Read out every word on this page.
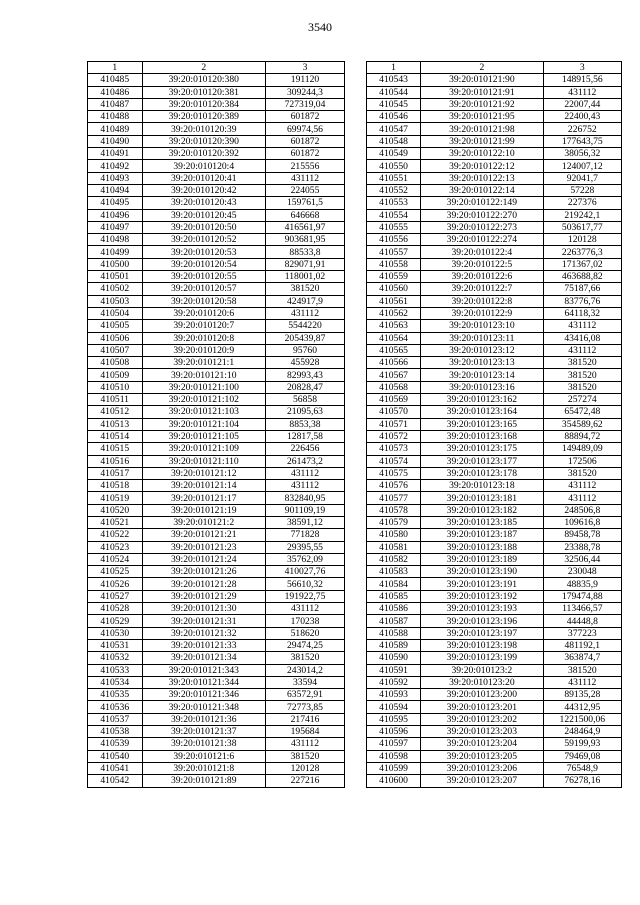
3540
1	2	3
410485	39:20:010120:380	191120
410486	39:20:010120:381	309244,3
410487	39:20:010120:384	727319,04
410488	39:20:010120:389	601872
410489	39:20:010120:39	69974,56
410490	39:20:010120:390	601872
410491	39:20:010120:392	601872
410492	39:20:010120:4	215556
410493	39:20:010120:41	431112
410494	39:20:010120:42	224055
410495	39:20:010120:43	159761,5
410496	39:20:010120:45	646668
410497	39:20:010120:50	416561,97
410498	39:20:010120:52	903681,95
410499	39:20:010120:53	88533,8
410500	39:20:010120:54	829071,91
410501	39:20:010120:55	118001,02
410502	39:20:010120:57	381520
410503	39:20:010120:58	424917,9
410504	39:20:010120:6	431112
410505	39:20:010120:7	5544220
410506	39:20:010120:8	205439,87
410507	39:20:010120:9	95760
410508	39:20:010121:1	455928
410509	39:20:010121:10	82993,43
410510	39:20:010121:100	20828,47
410511	39:20:010121:102	56858
410512	39:20:010121:103	21095,63
410513	39:20:010121:104	8853,38
410514	39:20:010121:105	12817,58
410515	39:20:010121:109	226456
410516	39:20:010121:110	261473,2
410517	39:20:010121:12	431112
410518	39:20:010121:14	431112
410519	39:20:010121:17	832840,95
410520	39:20:010121:19	901109,19
410521	39:20:010121:2	38591,12
410522	39:20:010121:21	771828
410523	39:20:010121:23	29395,55
410524	39:20:010121:24	35762,09
410525	39:20:010121:26	410027,76
410526	39:20:010121:28	56610,32
410527	39:20:010121:29	191922,75
410528	39:20:010121:30	431112
410529	39:20:010121:31	170238
410530	39:20:010121:32	518620
410531	39:20:010121:33	29474,25
410532	39:20:010121:34	381520
410533	39:20:010121:343	243014,2
410534	39:20:010121:344	33594
410535	39:20:010121:346	63572,91
410536	39:20:010121:348	72773,85
410537	39:20:010121:36	217416
410538	39:20:010121:37	195684
410539	39:20:010121:38	431112
410540	39:20:010121:6	381520
410541	39:20:010121:8	120128
410542	39:20:010121:89	227216
1	2	3
410543	39:20:010121:90	148915,56
410544	39:20:010121:91	431112
410545	39:20:010121:92	22007,44
410546	39:20:010121:95	22400,43
410547	39:20:010121:98	226752
410548	39:20:010121:99	177643,75
410549	39:20:010122:10	38056,32
410550	39:20:010122:12	124007,12
410551	39:20:010122:13	92041,7
410552	39:20:010122:14	57228
410553	39:20:010122:149	227376
410554	39:20:010122:270	219242,1
410555	39:20:010122:273	503617,77
410556	39:20:010122:274	120128
410557	39:20:010122:4	2263776,3
410558	39:20:010122:5	171367,02
410559	39:20:010122:6	463688,82
410560	39:20:010122:7	75187,66
410561	39:20:010122:8	83776,76
410562	39:20:010122:9	64118,32
410563	39:20:010123:10	431112
410564	39:20:010123:11	43416,08
410565	39:20:010123:12	431112
410566	39:20:010123:13	381520
410567	39:20:010123:14	381520
410568	39:20:010123:16	381520
410569	39:20:010123:162	257274
410570	39:20:010123:164	65472,48
410571	39:20:010123:165	354589,62
410572	39:20:010123:168	88894,72
410573	39:20:010123:175	149489,09
410574	39:20:010123:177	172506
410575	39:20:010123:178	381520
410576	39:20:010123:18	431112
410577	39:20:010123:181	431112
410578	39:20:010123:182	248506,8
410579	39:20:010123:185	109616,8
410580	39:20:010123:187	89458,78
410581	39:20:010123:188	23388,78
410582	39:20:010123:189	32506,44
410583	39:20:010123:190	230048
410584	39:20:010123:191	48835,9
410585	39:20:010123:192	179474,88
410586	39:20:010123:193	113466,57
410587	39:20:010123:196	44448,8
410588	39:20:010123:197	377223
410589	39:20:010123:198	481192,1
410590	39:20:010123:199	363874,7
410591	39:20:010123:2	381520
410592	39:20:010123:20	431112
410593	39:20:010123:200	89135,28
410594	39:20:010123:201	44312,95
410595	39:20:010123:202	1221500,06
410596	39:20:010123:203	248464,9
410597	39:20:010123:204	59199,93
410598	39:20:010123:205	79469,08
410599	39:20:010123:206	76548,9
410600	39:20:010123:207	76278,16
